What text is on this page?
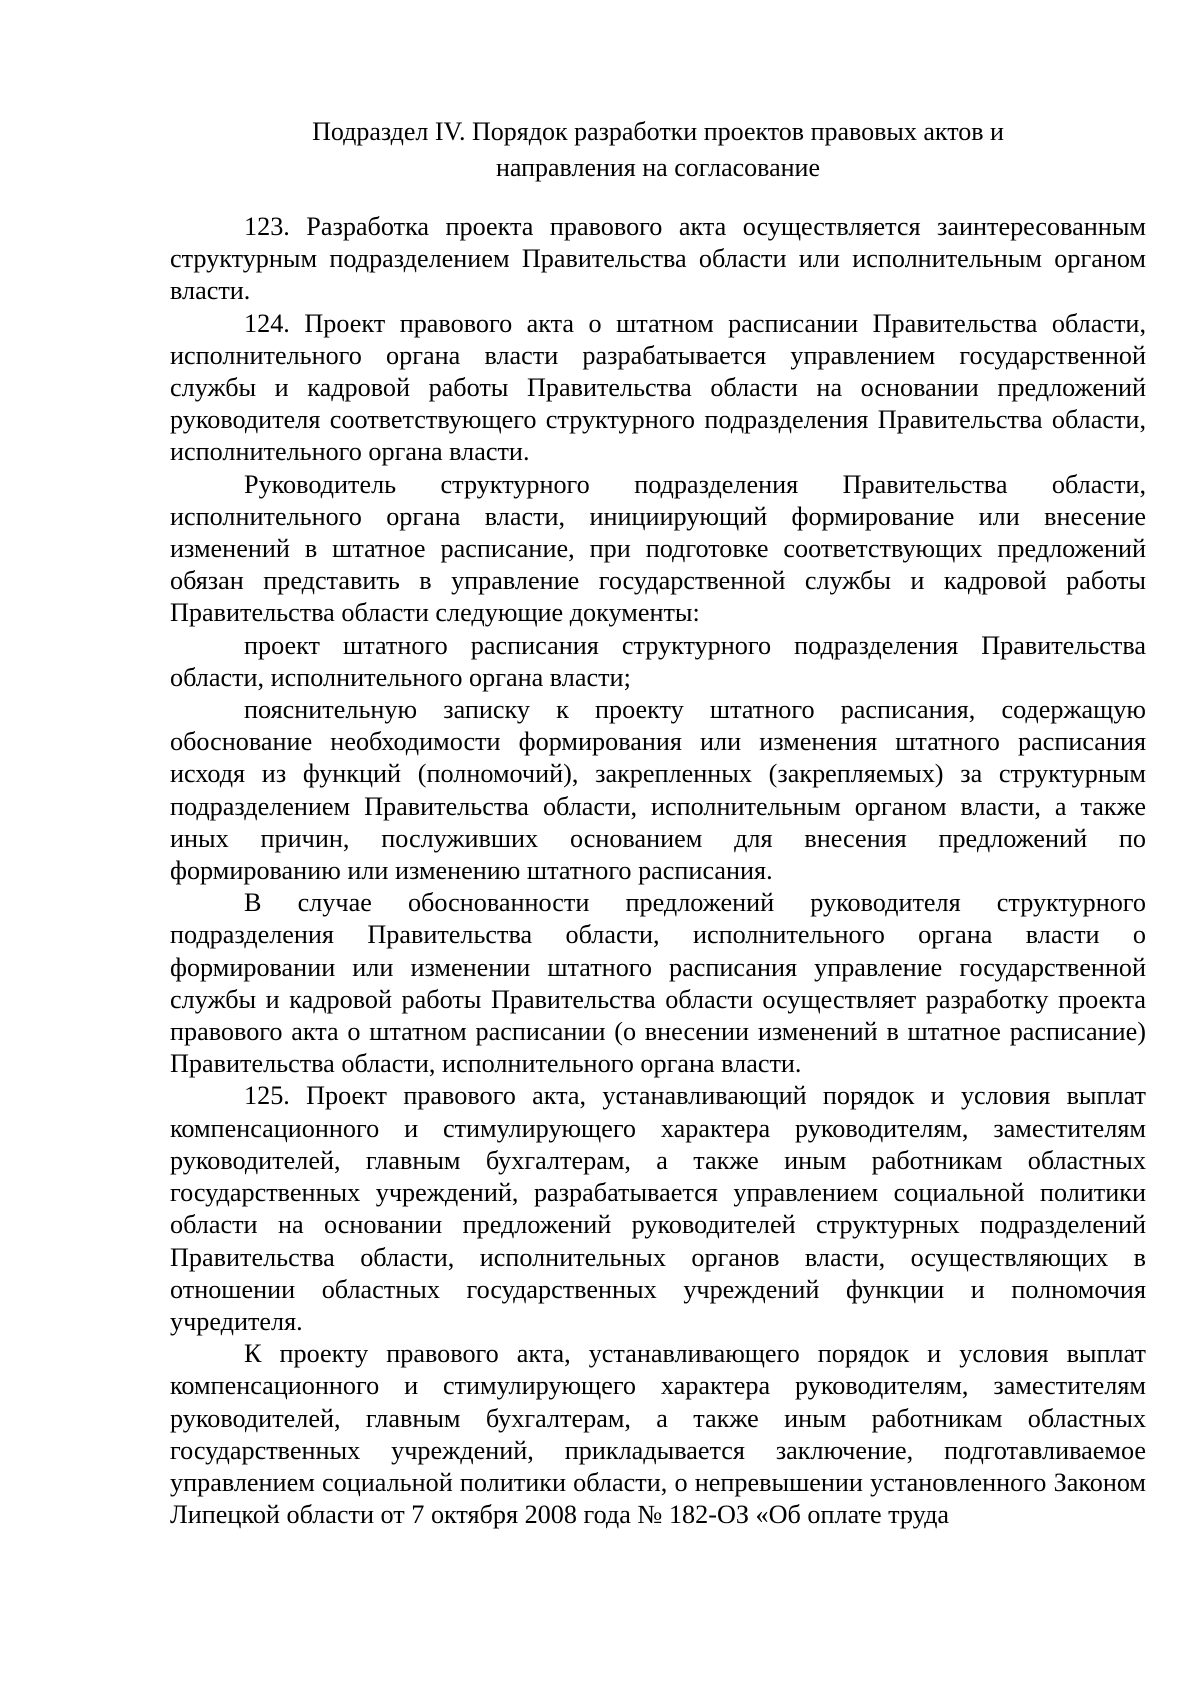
Подраздел IV. Порядок разработки проектов правовых актов и
направления на согласование

123. Разработка проекта правового акта осуществляется заинтересованным структурным подразделением Правительства области или исполнительным органом власти.

124. Проект правового акта о штатном расписании Правительства области, исполнительного органа власти разрабатывается управлением государственной службы и кадровой работы Правительства области на основании предложений руководителя соответствующего структурного подразделения Правительства области, исполнительного органа власти.

Руководитель структурного подразделения Правительства области, исполнительного органа власти, инициирующий формирование или внесение изменений в штатное расписание, при подготовке соответствующих предложений обязан представить в управление государственной службы и кадровой работы Правительства области следующие документы:

проект штатного расписания структурного подразделения Правительства области, исполнительного органа власти;

пояснительную записку к проекту штатного расписания, содержащую обоснование необходимости формирования или изменения штатного расписания исходя из функций (полномочий), закрепленных (закрепляемых) за структурным подразделением Правительства области, исполнительным органом власти, а также иных причин, послуживших основанием для внесения предложений по формированию или изменению штатного расписания.

В случае обоснованности предложений руководителя структурного подразделения Правительства области, исполнительного органа власти о формировании или изменении штатного расписания управление государственной службы и кадровой работы Правительства области осуществляет разработку проекта правового акта о штатном расписании (о внесении изменений в штатное расписание) Правительства области, исполнительного органа власти.

125. Проект правового акта, устанавливающий порядок и условия выплат компенсационного и стимулирующего характера руководителям, заместителям руководителей, главным бухгалтерам, а также иным работникам областных государственных учреждений, разрабатывается управлением социальной политики области на основании предложений руководителей структурных подразделений Правительства области, исполнительных органов власти, осуществляющих в отношении областных государственных учреждений функции и полномочия учредителя.

К проекту правового акта, устанавливающего порядок и условия выплат компенсационного и стимулирующего характера руководителям, заместителям руководителей, главным бухгалтерам, а также иным работникам областных государственных учреждений, прикладывается заключение, подготавливаемое управлением социальной политики области, о непревышении установленного Законом Липецкой области от 7 октября 2008 года № 182-ОЗ «Об оплате труда
